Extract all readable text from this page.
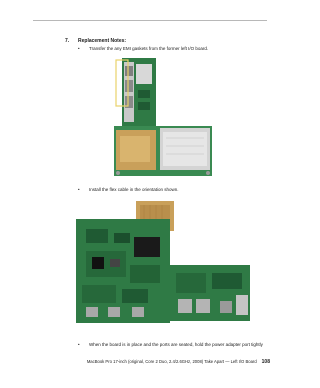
7. Replacement Notes:
• Transfer the any EMI gaskets from the former left I/O board.
• Install the flex cable in the orientation shown.
• When the board is in place and the ports are seated, hold the power adapter port tightly
MacBook Pro 17-inch (original, Core 2 Duo, 2.4/2.6GHz, 2008) Take Apart — Left I/O Board 108
